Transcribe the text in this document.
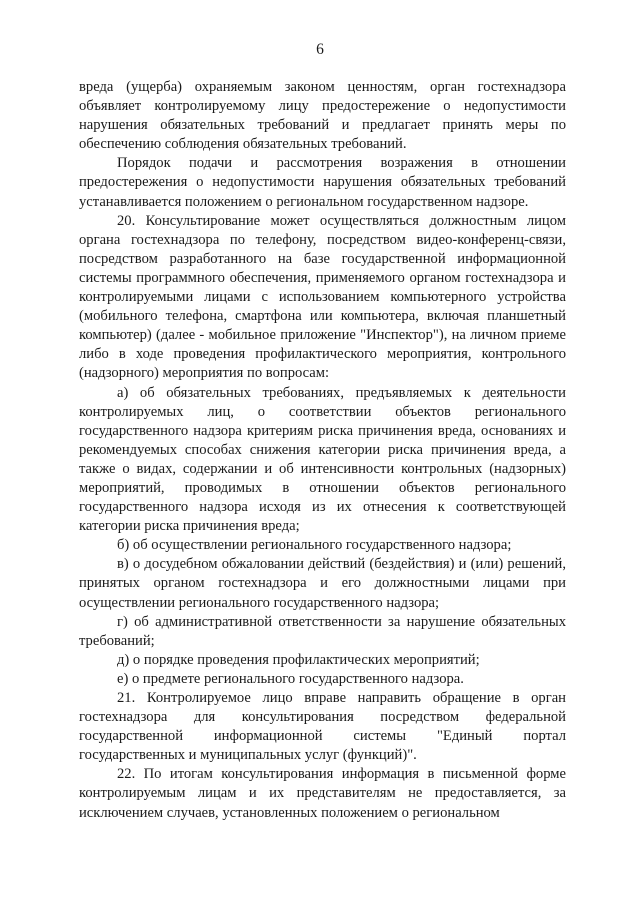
6

вреда (ущерба) охраняемым законом ценностям, орган гостехнадзора объявляет контролируемому лицу предостережение о недопустимости нарушения обязательных требований и предлагает принять меры по обеспечению соблюдения обязательных требований.

Порядок подачи и рассмотрения возражения в отношении предостережения о недопустимости нарушения обязательных требований устанавливается положением о региональном государственном надзоре.

20. Консультирование может осуществляться должностным лицом органа гостехнадзора по телефону, посредством видео-конференц-связи, посредством разработанного на базе государственной информационной системы программного обеспечения, применяемого органом гостехнадзора и контролируемыми лицами с использованием компьютерного устройства (мобильного телефона, смартфона или компьютера, включая планшетный компьютер) (далее - мобильное приложение "Инспектор"), на личном приеме либо в ходе проведения профилактического мероприятия, контрольного (надзорного) мероприятия по вопросам:

а) об обязательных требованиях, предъявляемых к деятельности контролируемых лиц, о соответствии объектов регионального государственного надзора критериям риска причинения вреда, основаниях и рекомендуемых способах снижения категории риска причинения вреда, а также о видах, содержании и об интенсивности контрольных (надзорных) мероприятий, проводимых в отношении объектов регионального государственного надзора исходя из их отнесения к соответствующей категории риска причинения вреда;

б) об осуществлении регионального государственного надзора;

в) о досудебном обжаловании действий (бездействия) и (или) решений, принятых органом гостехнадзора и его должностными лицами при осуществлении регионального государственного надзора;

г) об административной ответственности за нарушение обязательных требований;

д) о порядке проведения профилактических мероприятий;

е) о предмете регионального государственного надзора.

21. Контролируемое лицо вправе направить обращение в орган гостехнадзора для консультирования посредством федеральной государственной информационной системы "Единый портал государственных и муниципальных услуг (функций)".

22. По итогам консультирования информация в письменной форме контролируемым лицам и их представителям не предоставляется, за исключением случаев, установленных положением о региональном
